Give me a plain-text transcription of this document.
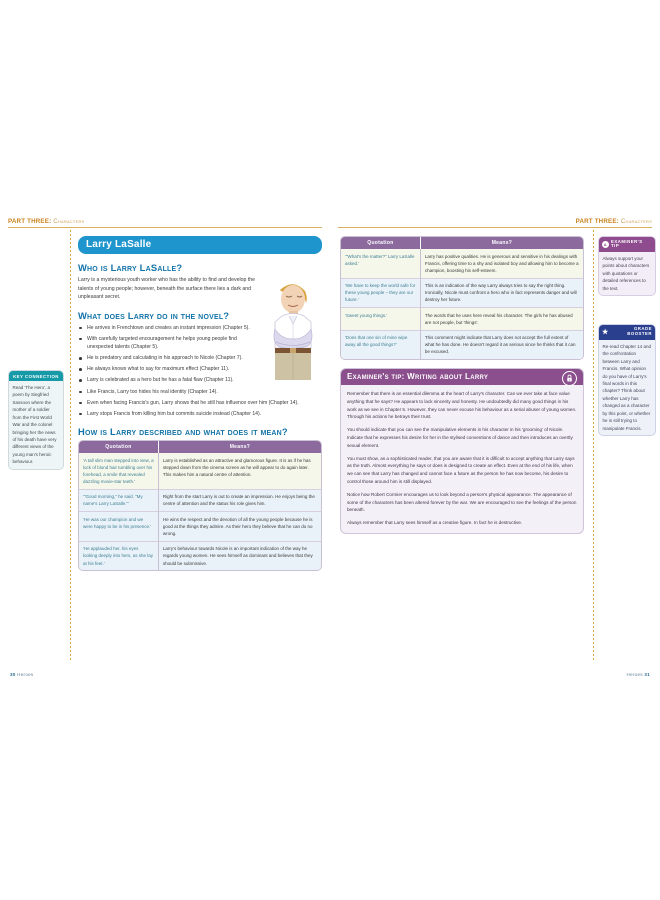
PART THREE: Characters
KEY CONNECTION
Read 'The Hero', a poem by Siegfried Sassoon where the mother of a soldier from the First World War and the colonel bringing her the news of his death have very different views of the young man's heroic behaviour.
Larry LaSalle
Who is Larry LaSalle?

Larry is a mysterious youth worker who has the ability to find and develop the talents of young people; however, beneath the surface there lies a dark and unpleasant secret.

What does Larry do in the novel?
He arrives in Frenchtown and creates an instant impression (Chapter 5).
With carefully targeted encouragement he helps young people find unexpected talents (Chapter 5).
He is predatory and calculating in his approach to Nicole (Chapter 7).
He always knows what to say for maximum effect (Chapter 11).
Larry is celebrated as a hero but he has a fatal flaw (Chapter 11).
Like Francis, Larry too hides his real identity (Chapter 14).
Even when facing Francis's gun, Larry shows that he still has influence over him (Chapter 14).
Larry stops Francis from killing him but commits suicide instead (Chapter 14).
How is Larry described and what does it mean?
Quotation	Means?
'A tall slim man stepped into view, a lock of blond hair tumbling over his forehead, a smile that revealed dazzling movie-star teeth.'	Larry is established as an attractive and glamorous figure. It is as if he has stepped down from the cinema screen as he will appear to do again later. This makes him a natural centre of attention.
'"Good morning," he said. "My name's Larry LaSalle."'	Right from the start Larry is out to create an impression. He enjoys being the centre of attention and the status his role gives him.
'He was our champion and we were happy to be in his presence.'	He wins the respect and the devotion of all the young people because he is good at the things they admire. As their hero they believe that he can do no wrong.
'He applauded her, his eyes looking deeply into hers, as she lay at his feet.'	Larry's behaviour towards Nicole is an important indication of the way he regards young women. He sees himself as dominant and believes that they should be submissive.
30 Heroes
PART THREE: Characters
A
EXAMINER'S
TIP
Always support your points about characters with quotations or detailed references to the text.
★	GRADE
BOOSTER
Re-read Chapter 14 and the confrontation between Larry and Francis. What opinion do you have of Larry's final words in this chapter? Think about whether Larry has changed as a character by this point, or whether he is still trying to manipulate Francis.
Quotation	Means?
'"What's the matter?" Larry LaSalle asked.'	Larry has positive qualities. He is generous and sensitive in his dealings with Francis, offering time to a shy and isolated boy and allowing him to become a champion, boosting his self-esteem.
'We have to keep the world safe for these young people – they are our future.'	This is an indication of the way Larry always tries to say the right thing. Ironically, Nicole must confront a hero who in fact represents danger and will destroy her future.
'Sweet young things.'	The words that he uses here reveal his character. The girls he has abused are not people, but 'things'.
'Does that one sin of mine wipe away all the good things?'	This comment might indicate that Larry does not accept the full extent of what he has done. He doesn't regard it as serious since he thinks that it can be excused.
Examiner's tip: Writing about Larry	1

Remember that there is an essential dilemma at the heart of Larry's character. Can we ever take at face value anything that he says? He appears to lack sincerity and honesty. He undoubtedly did many good things in his work as we see in Chapter 5. However, they can never excuse his behaviour as a serial abuser of young women. Through his actions he betrays their trust.

You should indicate that you can see the manipulative elements in his character in his 'grooming' of Nicole. Indicate that he expresses his desire for her in the stylised conventions of dance and then introduces an overtly sexual element.

You must show, as a sophisticated reader, that you are aware that it is difficult to accept anything that Larry says as the truth. Almost everything he says or does is designed to create an effect. Even at the end of his life, when we can see that Larry has changed and cannot face a future as the person he has now become, his desire to control those around him is still displayed.

Notice how Robert Cormier encourages us to look beyond a person's physical appearance. The appearance of some of the characters has been altered forever by the war. We are encouraged to see the feelings of the person beneath.

Always remember that Larry sees himself as a creative figure. In fact he is destructive.

Heroes 31
